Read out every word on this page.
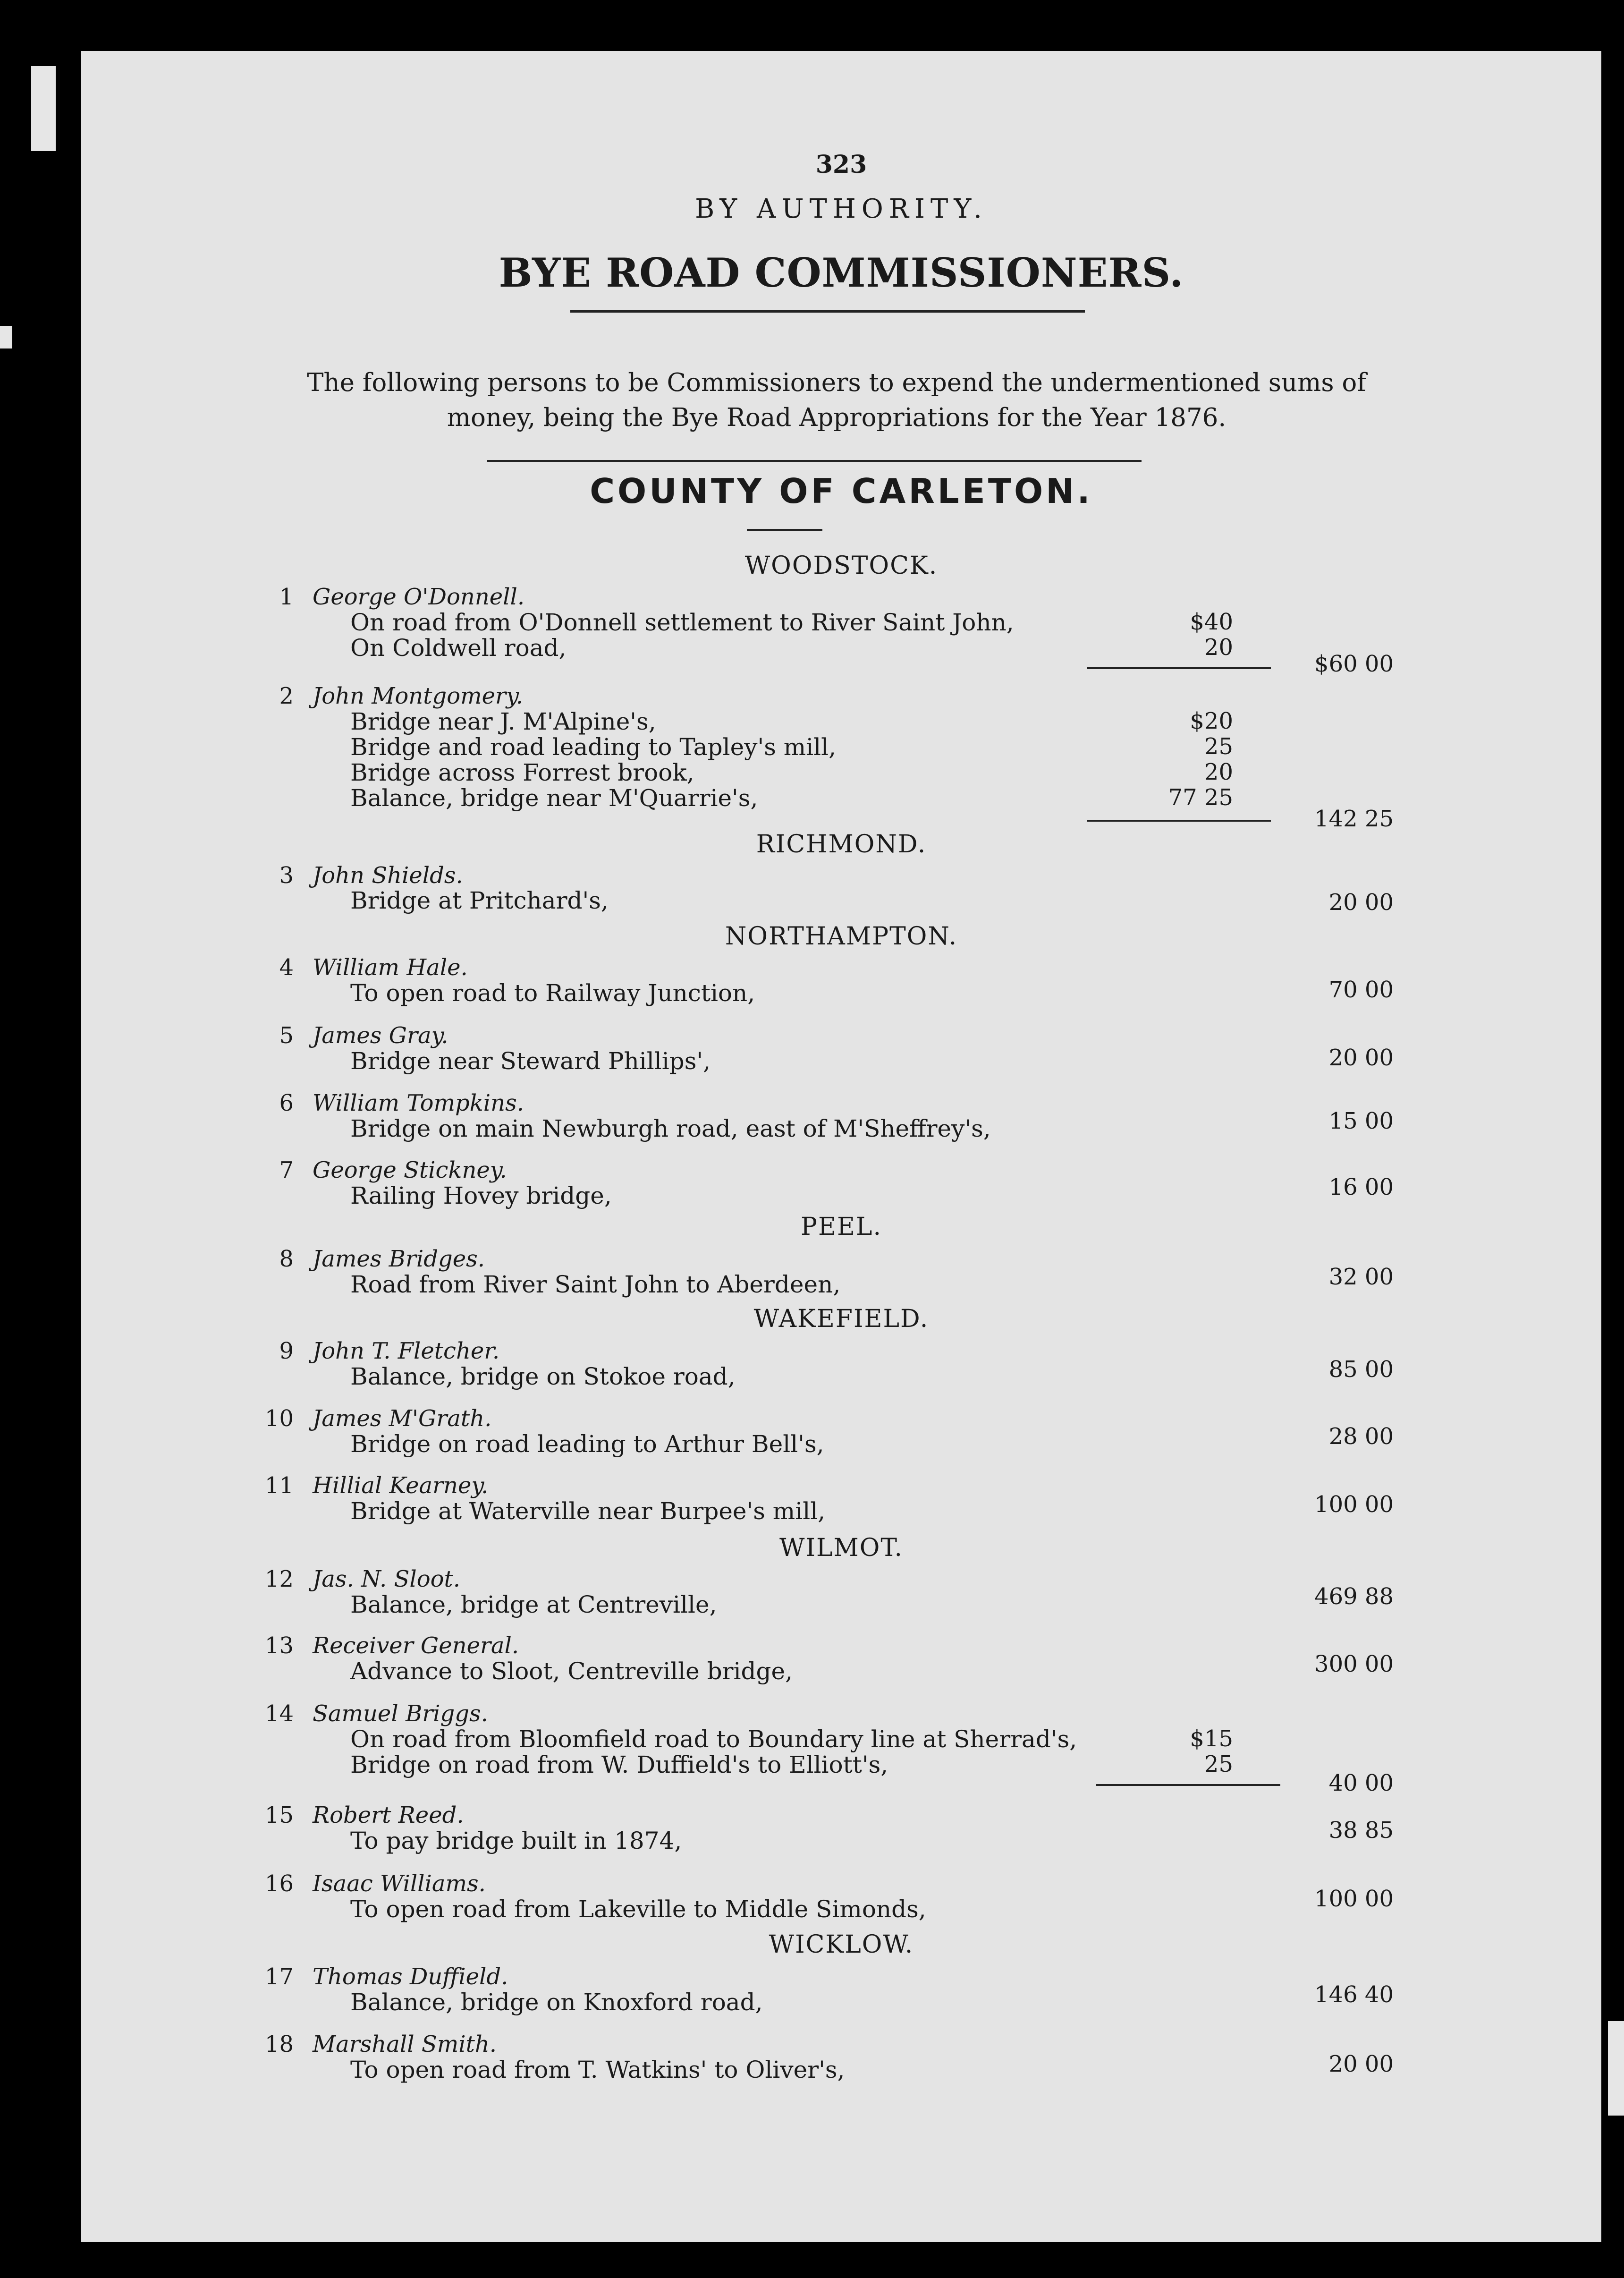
323
BY AUTHORITY.
BYE ROAD COMMISSIONERS.
The following persons to be Commissioners to expend the undermentioned sums of
money, being the Bye Road Appropriations for the Year 1876.
COUNTY OF CARLETON.
WOODSTOCK.
RICHMOND.
NORTHAMPTON.
PEEL.
WAKEFIELD.
WILMOT.
WICKLOW.
1 George O'Donnell.
On road from O'Donnell settlement to River Saint John,	$40
On Coldwell road,	20
$60 00
2 John Montgomery.
Bridge near J. M'Alpine's,	$20
Bridge and road leading to Tapley's mill,	25
Bridge across Forrest brook,	20
Balance, bridge near M'Quarrie's,	77 25
142 25
3 John Shields.
Bridge at Pritchard's,	20 00
4 William Hale.
To open road to Railway Junction,	70 00
5 James Gray.
Bridge near Steward Phillips',	20 00
6 William Tompkins.
Bridge on main Newburgh road, east of M'Sheffrey's,	15 00
7 George Stickney.
Railing Hovey bridge,	16 00
8 James Bridges.
Road from River Saint John to Aberdeen,	32 00
9 John T. Fletcher.
Balance, bridge on Stokoe road,	85 00
10 James M'Grath.
Bridge on road leading to Arthur Bell's,	28 00
11 Hillial Kearney.
Bridge at Waterville near Burpee's mill,	100 00
12 Jas. N. Sloot.
Balance, bridge at Centreville,	469 88
13 Receiver General.
Advance to Sloot, Centreville bridge,	300 00
14 Samuel Briggs.
On road from Bloomfield road to Boundary line at Sherrad's,	$15
Bridge on road from W. Duffield's to Elliott's,	25
40 00
15 Robert Reed.
To pay bridge built in 1874,	38 85
16 Isaac Williams.
To open road from Lakeville to Middle Simonds,	100 00
17 Thomas Duffield.
Balance, bridge on Knoxford road,	146 40
18 Marshall Smith.
To open road from T. Watkins' to Oliver's,	20 00
